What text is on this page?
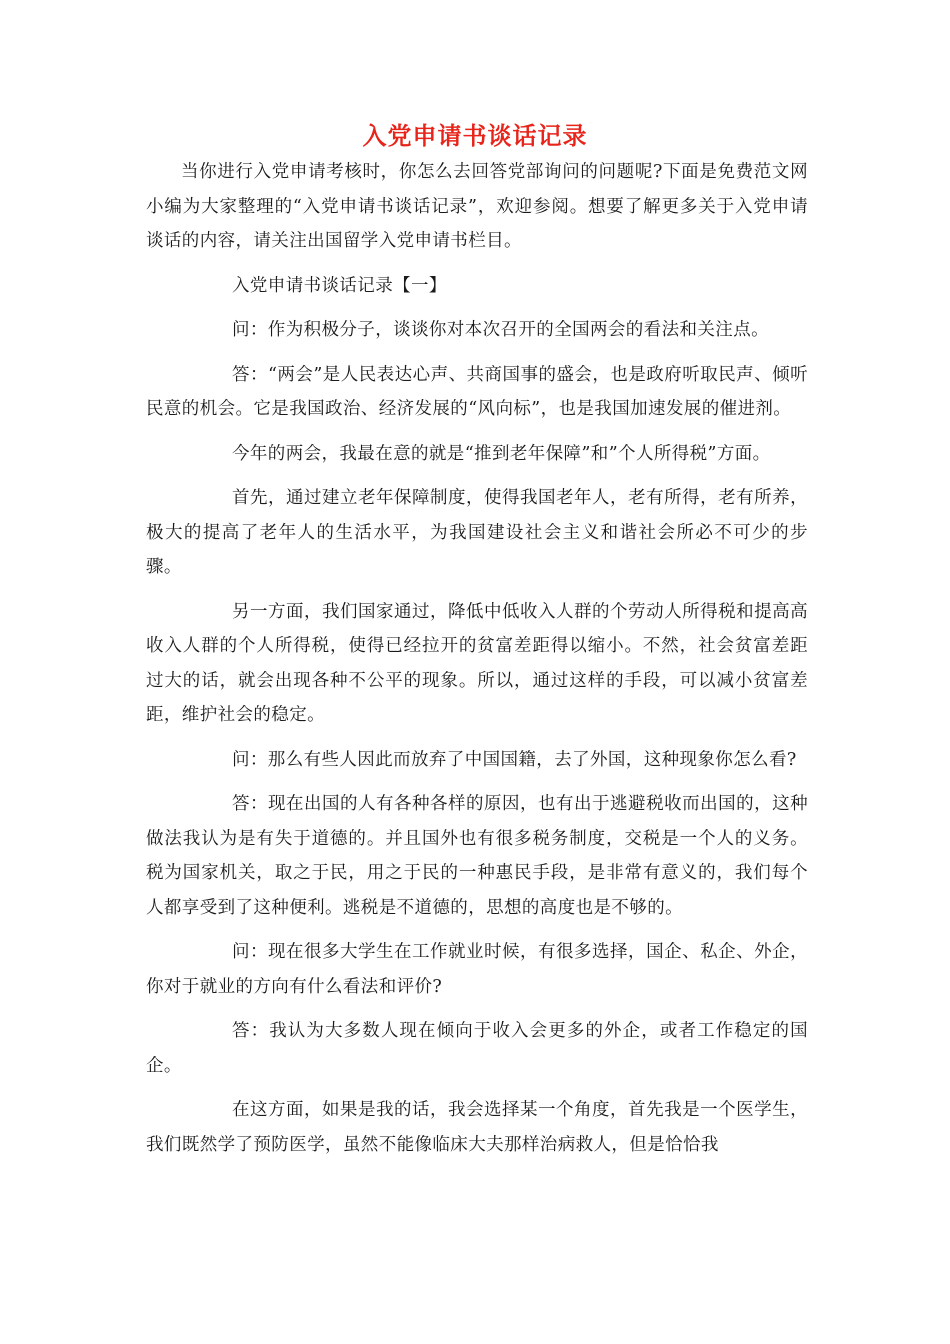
入党申请书谈话记录

当你进行入党申请考核时，你怎么去回答党部询问的问题呢?下面是免费范文网小编为大家整理的“入党申请书谈话记录”，欢迎参阅。想要了解更多关于入党申请谈话的内容，请关注出国留学入党申请书栏目。

入党申请书谈话记录【一】

问：作为积极分子，谈谈你对本次召开的全国两会的看法和关注点。

答：“两会”是人民表达心声、共商国事的盛会，也是政府听取民声、倾听民意的机会。它是我国政治、经济发展的“风向标”，也是我国加速发展的催进剂。

今年的两会，我最在意的就是“推到老年保障”和”个人所得税”方面。

首先，通过建立老年保障制度，使得我国老年人，老有所得，老有所养，极大的提高了老年人的生活水平，为我国建设社会主义和谐社会所必不可少的步骤。

另一方面，我们国家通过，降低中低收入人群的个劳动人所得税和提高高收入人群的个人所得税，使得已经拉开的贫富差距得以缩小。不然，社会贫富差距过大的话，就会出现各种不公平的现象。所以，通过这样的手段，可以减小贫富差距，维护社会的稳定。

问：那么有些人因此而放弃了中国国籍，去了外国，这种现象你怎么看?

答：现在出国的人有各种各样的原因，也有出于逃避税收而出国的，这种做法我认为是有失于道德的。并且国外也有很多税务制度，交税是一个人的义务。税为国家机关，取之于民，用之于民的一种惠民手段，是非常有意义的，我们每个人都享受到了这种便利。逃税是不道德的，思想的高度也是不够的。

问：现在很多大学生在工作就业时候，有很多选择，国企、私企、外企，你对于就业的方向有什么看法和评价?

答：我认为大多数人现在倾向于收入会更多的外企，或者工作稳定的国企。

在这方面，如果是我的话，我会选择某一个角度，首先我是一个医学生，我们既然学了预防医学，虽然不能像临床大夫那样治病救人，但是恰恰我
